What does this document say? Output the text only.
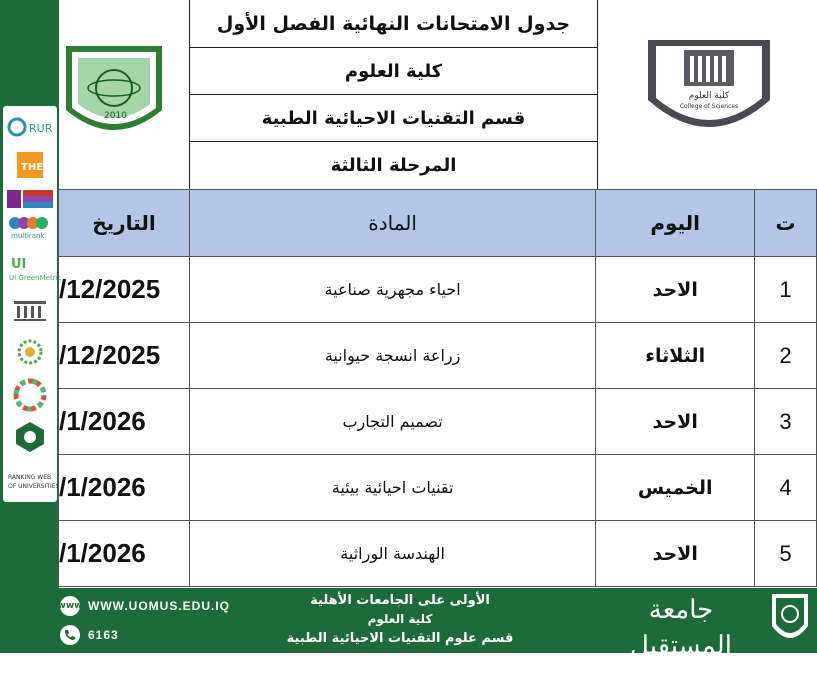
RUR
THE
multirank
UI
UI GreenMetric
RANKING WEB
OF UNIVERSITIES
2010
كلية العلوم
College of Sciences
جدول الامتحانات النهائية الفصل الأول
كلية العلوم
قسم التقنيات الاحيائية الطبية
المرحلة الثالثة
التاريخ	المادة	اليوم	ت
/12/2025	احياء مجهرية صناعية	الاحد	1
/12/2025	زراعة انسجة حيوانية	الثلاثاء	2
/1/2026	تصميم التجارب	الاحد	3
/1/2026	تقنيات احيائية بيئية	الخميس	4
/1/2026	الهندسة الوراثية	الاحد	5
www WWW.UOMUS.EDU.IQ
6163
الأولى على الجامعات الأهلية
كلية العلوم
قسم علوم التقنيات الاحيائية الطبية
جامعة المستقبل
AL-MUSTAQBAL UNIVERSITY
